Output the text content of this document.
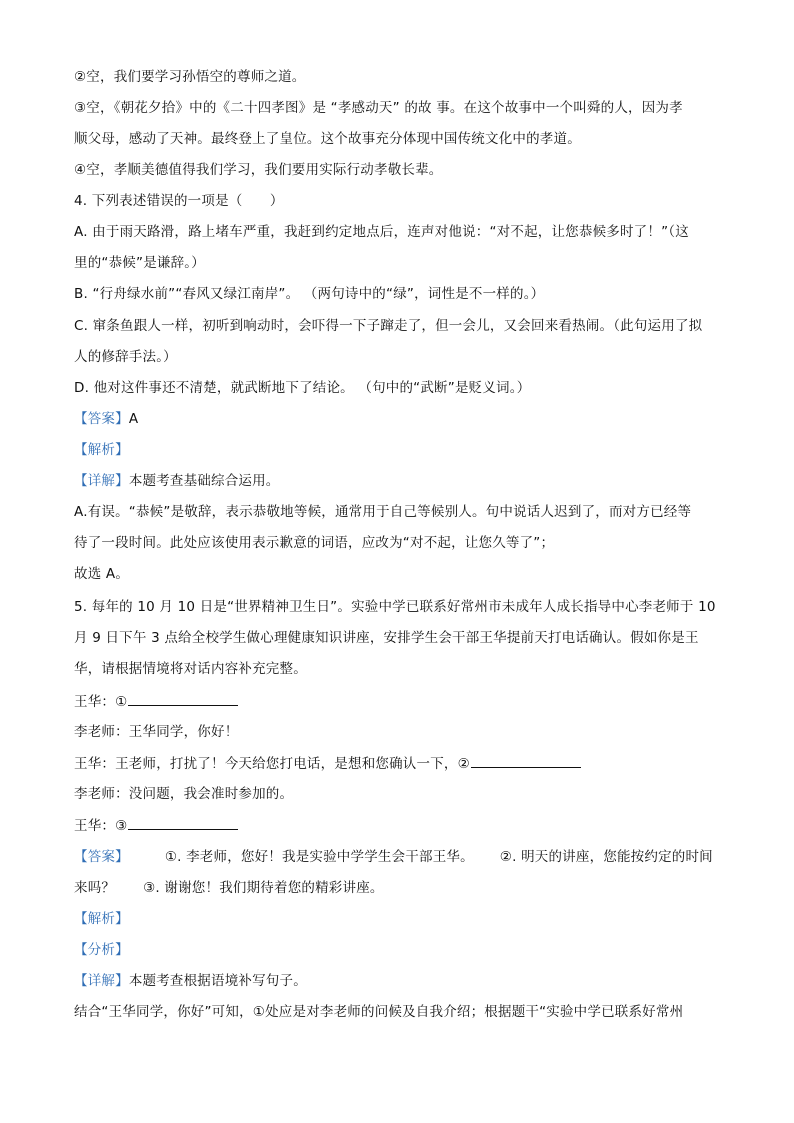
②空，我们要学习孙悟空的尊师之道。
③空，《朝花夕拾》中的《二十四孝图》是 “孝感动天” 的故 事。在这个故事中一个叫舜的人，因为孝
顺父母，感动了天神。最终登上了皇位。这个故事充分体现中国传统文化中的孝道。
④空，孝顺美德值得我们学习，我们要用实际行动孝敬长辈。
4. 下列表述错误的一项是（　　）
A. 由于雨天路滑，路上堵车严重，我赶到约定地点后，连声对他说：“对不起，让您恭候多时了！”（这
里的“恭候”是谦辞。）
B. “行舟绿水前”“春风又绿江南岸”。 （两句诗中的“绿”，词性是不一样的。）
C. 窜条鱼跟人一样，初听到响动时，会吓得一下子蹿走了，但一会儿，又会回来看热闹。（此句运用了拟
人的修辞手法。）
D. 他对这件事还不清楚，就武断地下了结论。 （句中的“武断”是贬义词。）
【答案】A
【解析】
【详解】本题考查基础综合运用。
A.有误。“恭候”是敬辞，表示恭敬地等候，通常用于自己等候别人。句中说话人迟到了，而对方已经等
待了一段时间。此处应该使用表示歉意的词语，应改为“对不起，让您久等了”；
故选 A。
5. 每年的 10 月 10 日是“世界精神卫生日”。实验中学已联系好常州市未成年人成长指导中心李老师于 10
月 9 日下午 3 点给全校学生做心理健康知识讲座，安排学生会干部王华提前天打电话确认。假如你是王
华，请根据情境将对话内容补充完整。
王华：①
李老师：王华同学，你好！
王华：王老师，打扰了！今天给您打电话，是想和您确认一下，②
李老师：没问题，我会准时参加的。
王华：③
【答案】	①. 李老师，您好！我是实验中学学生会干部王华。 ②. 明天的讲座，您能按约定的时间
来吗？ ③. 谢谢您！我们期待着您的精彩讲座。
【解析】
【分析】
【详解】本题考查根据语境补写句子。
结合“王华同学，你好”可知，①处应是对李老师的问候及自我介绍；根据题干“实验中学已联系好常州
